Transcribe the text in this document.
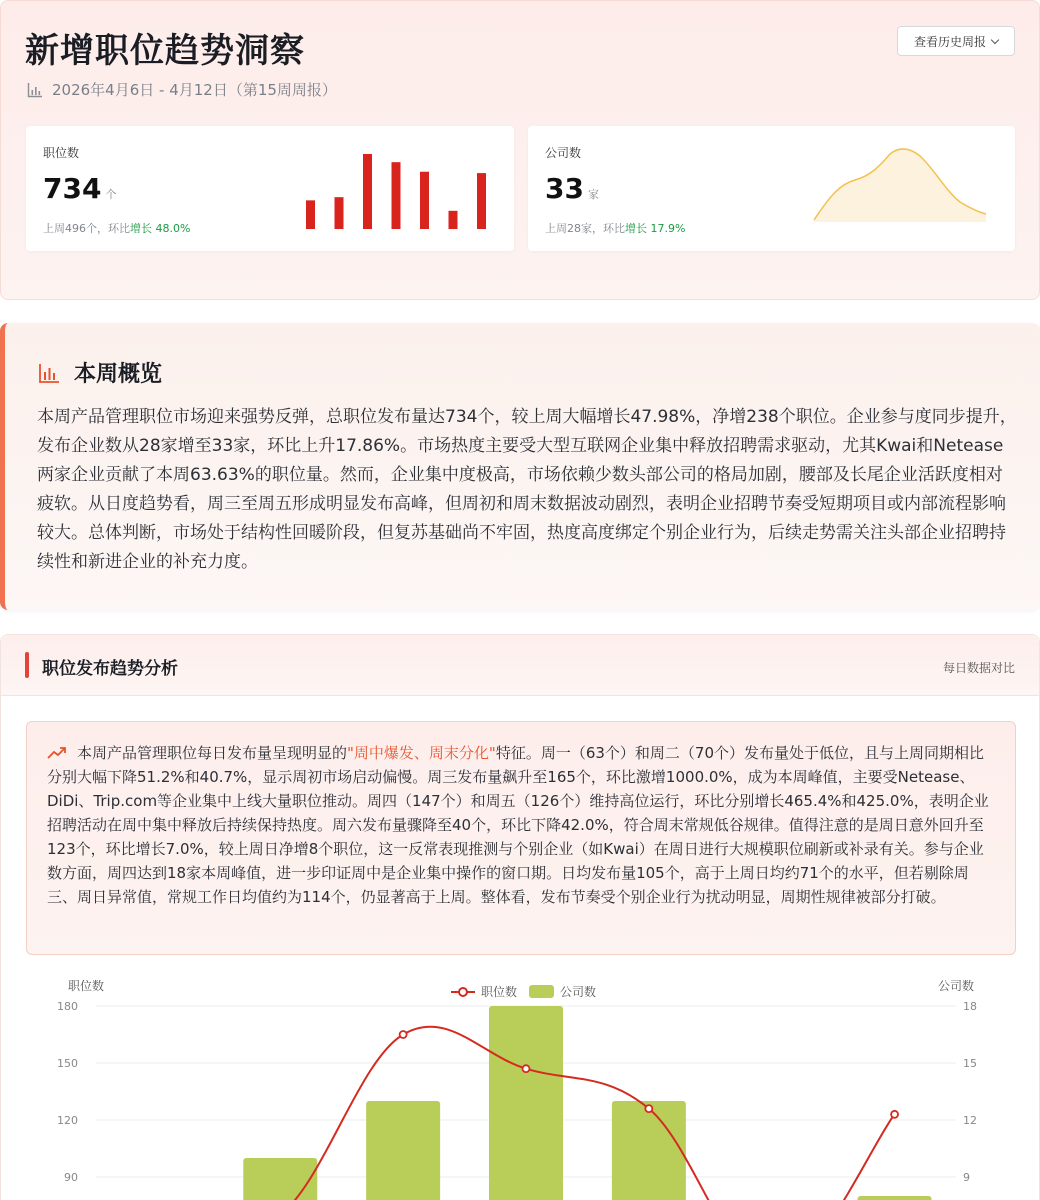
新增职位趋势洞察	查看历史周报
2026年4月6日 - 4月12日（第15周周报）
职位数
734 个
上周496个，环比增长 48.0%
公司数
33 家
上周28家，环比增长 17.9%
本周概览
本周产品管理职位市场迎来强势反弹，总职位发布量达734个，较上周大幅增长47.98%，净增238个职位。企业参与度同步提升，发布企业数从28家增至33家，环比上升17.86%。市场热度主要受大型互联网企业集中释放招聘需求驱动，尤其Kwai和Netease两家企业贡献了本周63.63%的职位量。然而，企业集中度极高，市场依赖少数头部公司的格局加剧，腰部及长尾企业活跃度相对疲软。从日度趋势看，周三至周五形成明显发布高峰，但周初和周末数据波动剧烈，表明企业招聘节奏受短期项目或内部流程影响较大。总体判断，市场处于结构性回暖阶段，但复苏基础尚不牢固，热度高度绑定个别企业行为，后续走势需关注头部企业招聘持续性和新进企业的补充力度。
职位发布趋势分析	每日数据对比
本周产品管理职位每日发布量呈现明显的"周中爆发、周末分化"特征。周一（63个）和周二（70个）发布量处于低位，且与上周同期相比分别大幅下降51.2%和40.7%，显示周初市场启动偏慢。周三发布量飙升至165个，环比激增1000.0%，成为本周峰值，主要受Netease、DiDi、Trip.com等企业集中上线大量职位推动。周四（147个）和周五（126个）维持高位运行，环比分别增长465.4%和425.0%，表明企业招聘活动在周中集中释放后持续保持热度。周六发布量骤降至40个，环比下降42.0%，符合周末常规低谷规律。值得注意的是周日意外回升至123个，环比增长7.0%，较上周日净增8个职位，这一反常表现推测与个别企业（如Kwai）在周日进行大规模职位刷新或补录有关。参与企业数方面，周四达到18家本周峰值，进一步印证周中是企业集中操作的窗口期。日均发布量105个，高于上周日均约71个的水平，但若剔除周三、周日异常值，常规工作日均值约为114个，仍显著高于上周。整体看，发布节奏受个别企业行为扰动明显，周期性规律被部分打破。
职位数	公司数
职位数	公司数
180	18
150	15
120	12
90	9
